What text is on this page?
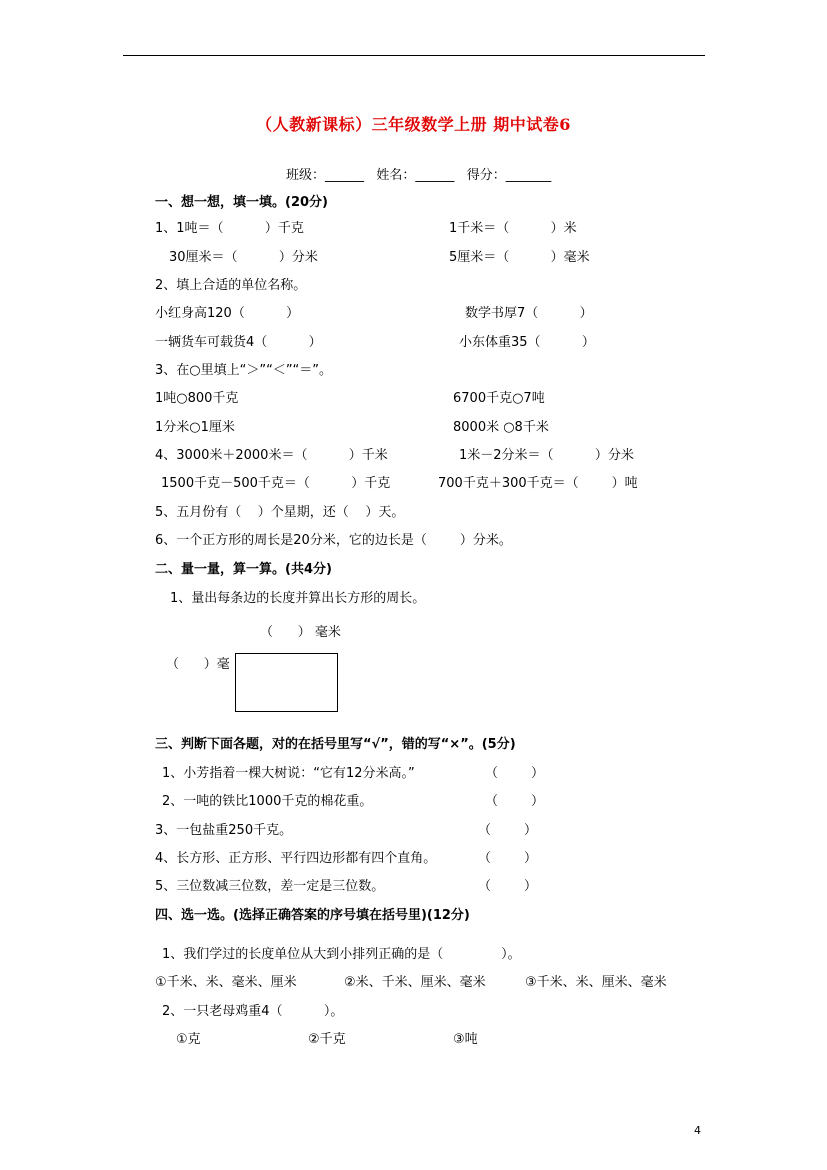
（人教新课标）三年级数学上册 期中试卷6
班级：______   姓名：______   得分：_______
一、想一想，填一填。(20分)
1、1吨＝（          ）千克	1千米＝（          ）米
30厘米＝（          ）分米	5厘米＝（          ）毫米
2、填上合适的单位名称。
小红身高120（          ）	数学书厚7（          ）
一辆货车可载货4（          ）	小东体重35（          ）
3、在○里填上“＞”“＜”“＝”。
1吨○800千克	6700千克○7吨
1分米○1厘米	8000米 ○8千米
4、3000米＋2000米＝（          ）千米	1米－2分米＝（          ）分米
1500千克－500千克＝（          ）千克	700千克＋300千克＝（        ）吨
5、五月份有（    ）个星期，还（    ）天。
6、一个正方形的周长是20分米，它的边长是（        ）分米。
二、量一量，算一算。(共4分)
1、量出每条边的长度并算出长方形的周长。
（      ） 毫米
（      ）毫
三、判断下面各题，对的在括号里写“√”，错的写“×”。(5分)
1、小芳指着一棵大树说：“它有12分米高。”	（        ）
2、一吨的铁比1000千克的棉花重。	（        ）
3、一包盐重250千克。	（        ）
4、长方形、正方形、平行四边形都有四个直角。	（        ）
5、三位数减三位数，差一定是三位数。	（        ）
四、选一选。(选择正确答案的序号填在括号里)(12分)
1、我们学过的长度单位从大到小排列正确的是（              ）。
①千米、米、毫米、厘米	②米、千米、厘米、毫米	③千米、米、厘米、毫米
2、一只老母鸡重4（          ）。
①克	②千克	③吨
4
